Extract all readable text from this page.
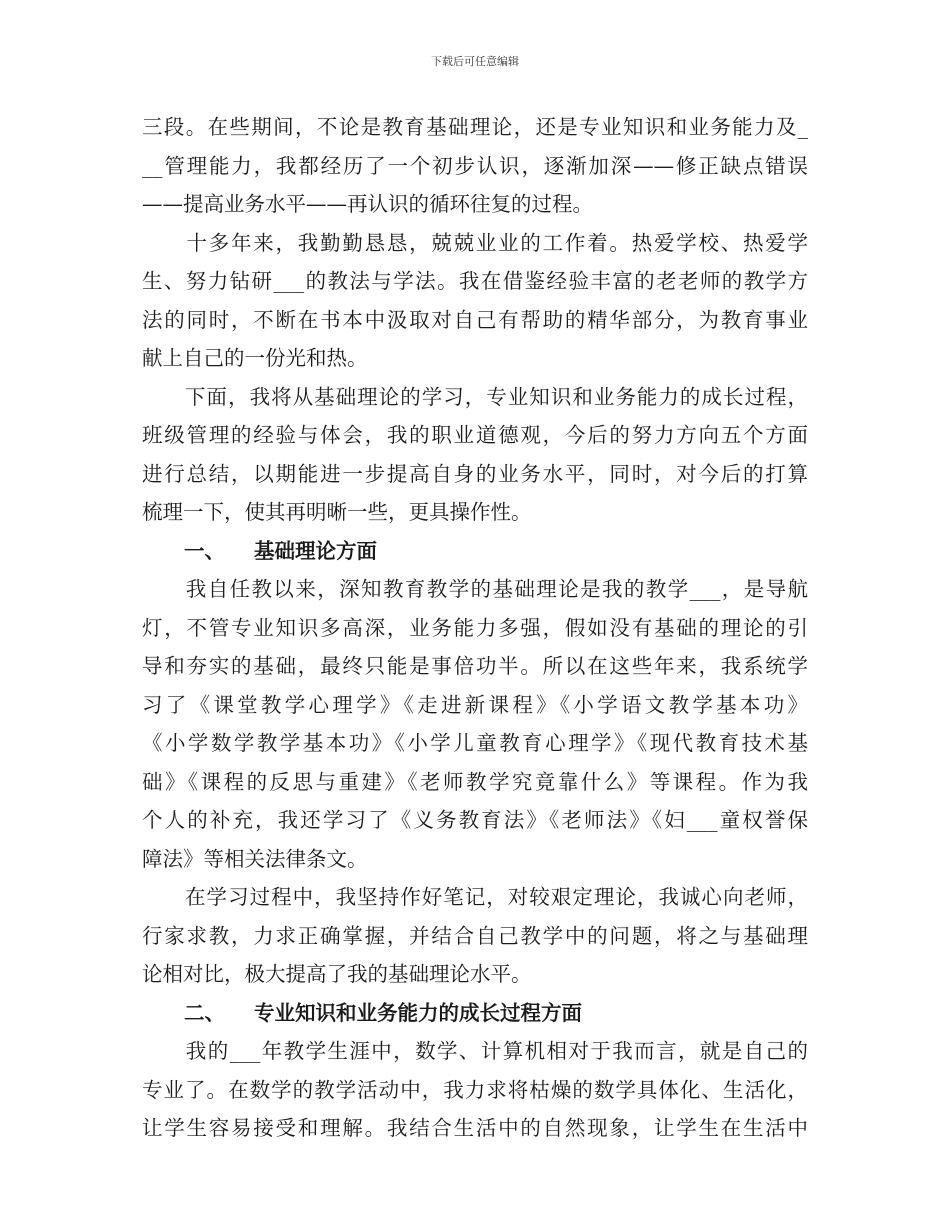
下载后可任意编辑
三段。在些期间，不论是教育基础理论，还是专业知识和业务能力及_
__管理能力，我都经历了一个初步认识，逐渐加深——修正缺点错误
——提高业务水平——再认识的循环往复的过程。
　　十多年来，我勤勤恳恳，兢兢业业的工作着。热爱学校、热爱学
生、努力钻研___的教法与学法。我在借鉴经验丰富的老老师的教学方
法的同时，不断在书本中汲取对自己有帮助的精华部分，为教育事业
献上自己的一份光和热。
　　下面，我将从基础理论的学习，专业知识和业务能力的成长过程，
班级管理的经验与体会，我的职业道德观，今后的努力方向五个方面
进行总结，以期能进一步提高自身的业务水平，同时，对今后的打算
梳理一下，使其再明晰一些，更具操作性。
一、 基础理论方面
　　我自任教以来，深知教育教学的基础理论是我的教学___，是导航
灯，不管专业知识多高深，业务能力多强，假如没有基础的理论的引
导和夯实的基础，最终只能是事倍功半。所以在这些年来，我系统学
习了《课堂教学心理学》《走进新课程》《小学语文教学基本功》
《小学数学教学基本功》《小学儿童教育心理学》《现代教育技术基
础》《课程的反思与重建》《老师教学究竟靠什么》等课程。作为我
个人的补充，我还学习了《义务教育法》《老师法》《妇___童权誉保
障法》等相关法律条文。
　　在学习过程中，我坚持作好笔记，对较艰定理论，我诚心向老师，
行家求教，力求正确掌握，并结合自己教学中的问题，将之与基础理
论相对比，极大提高了我的基础理论水平。
二、 专业知识和业务能力的成长过程方面
　　我的___年教学生涯中，数学、计算机相对于我而言，就是自己的
专业了。在数学的教学活动中，我力求将枯燥的数学具体化、生活化，
让学生容易接受和理解。我结合生活中的自然现象，让学生在生活中
